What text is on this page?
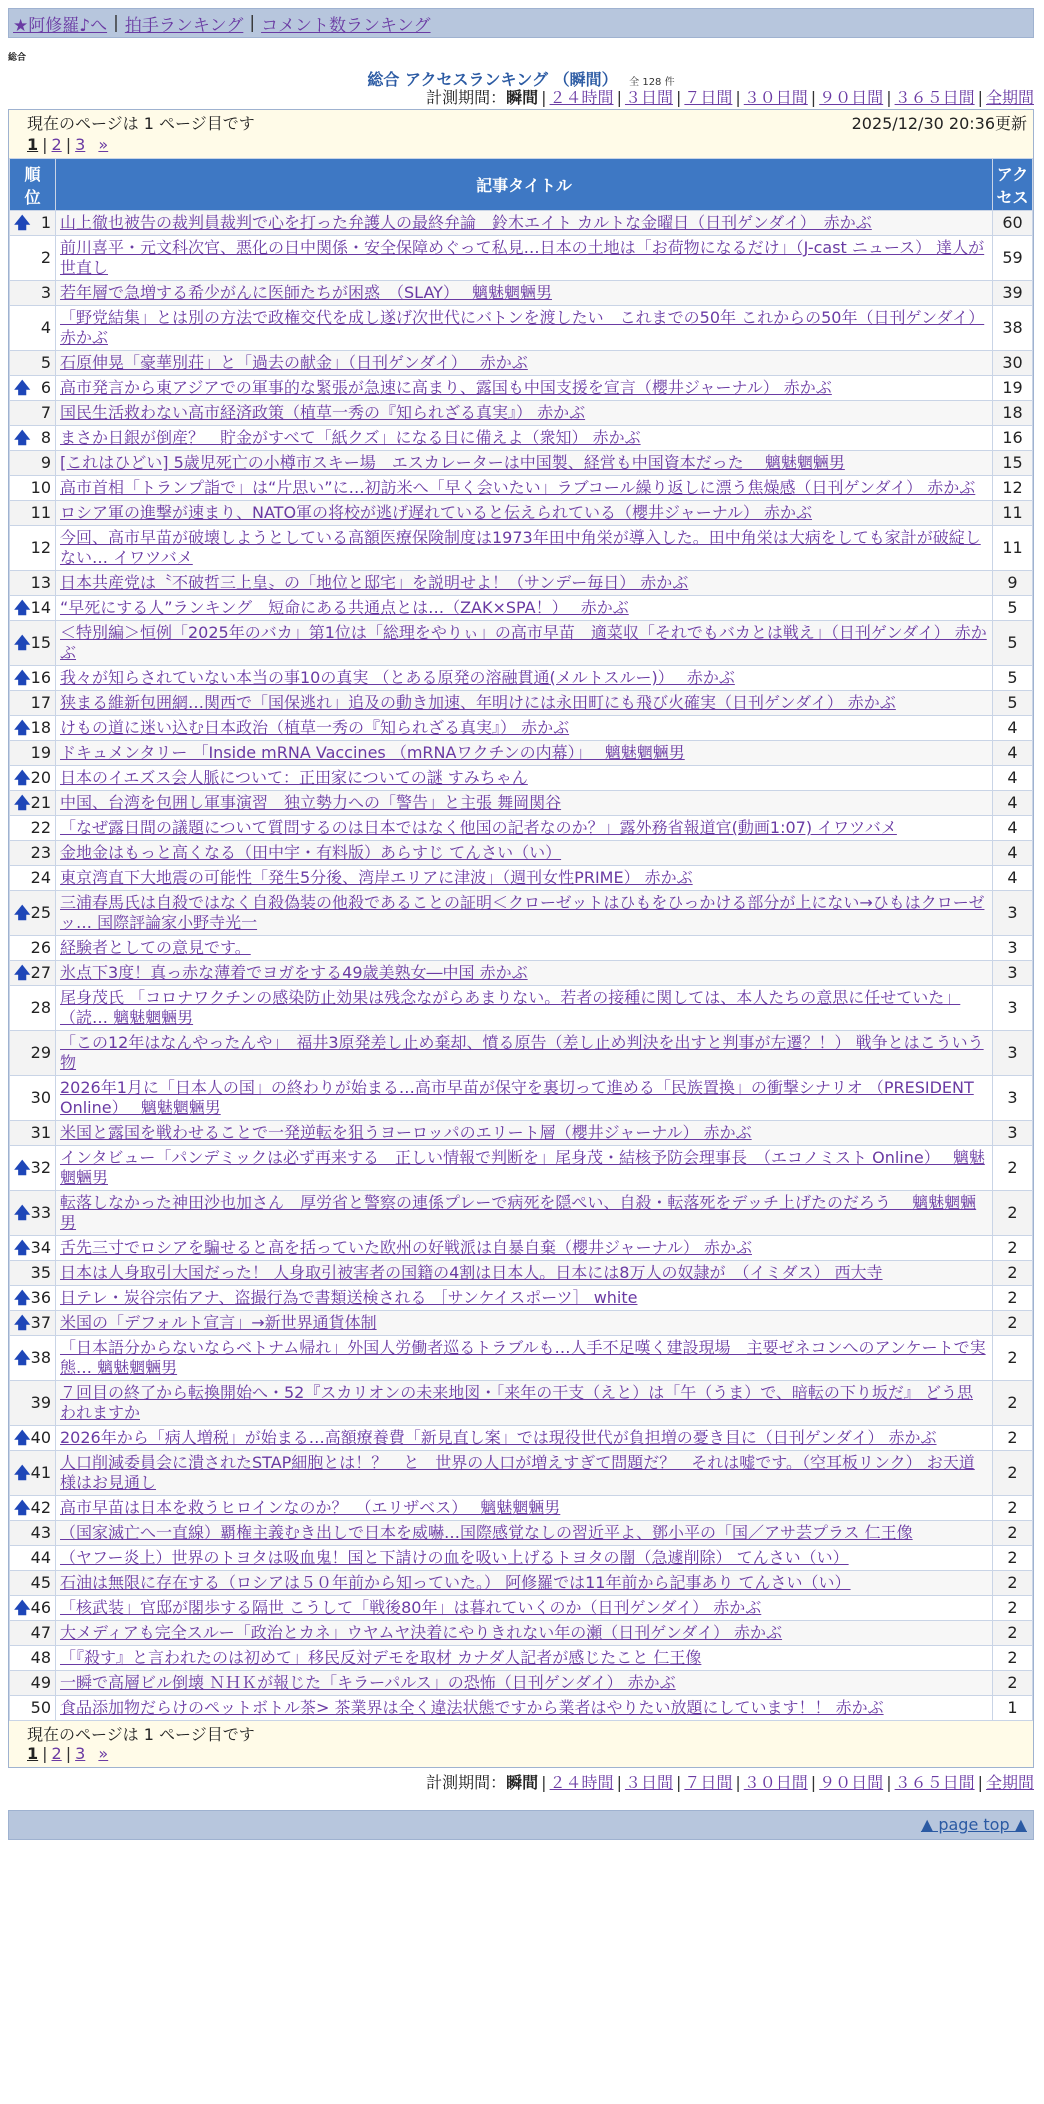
★阿修羅♪へ | 拍手ランキング | コメント数ランキング
総合
総合 アクセスランキング （瞬間） 全 128 件
計測期間：瞬間 | ２４時間 | ３日間 | ７日間 | ３０日間 | ９０日間 | ３６５日間 | 全期間
現在のページは 1 ページ目です	2025/12/30 20:36更新
1 | 2 | 3 »
順
位	記事タイトル	アク
セス

🡅 1	山上徹也被告の裁判員裁判で心を打った弁護人の最終弁論　鈴木エイト カルトな金曜日（日刊ゲンダイ）　赤かぶ	60
2	前川喜平・元文科次官、悪化の日中関係・安全保障めぐって私見…日本の土地は「お荷物になるだけ」（J-cast ニュース） 達人が世直し	59
3	若年層で急増する希少がんに医師たちが困惑　（SLAY）　 魑魅魍魎男	39
4	「野党結集」とは別の方法で政権交代を成し遂げ次世代にバトンを渡したい　これまでの50年 これからの50年（日刊ゲンダイ） 赤かぶ	38
5	石原伸晃「豪華別荘」と「過去の献金」（日刊ゲンダイ）　 赤かぶ	30

🡅 6	高市発言から東アジアでの軍事的な緊張が急速に高まり、露国も中国支援を宣言（櫻井ジャーナル） 赤かぶ	19
7	国民生活救わない高市経済政策（植草一秀の『知られざる真実』） 赤かぶ	18

🡅 8	まさか日銀が倒産？　貯金がすべて「紙クズ」になる日に備えよ（衆知） 赤かぶ	16
9	[これはひどい] 5歳児死亡の小樽市スキー場　エスカレーターは中国製、経営も中国資本だった　 魑魅魍魎男	15
10	高市首相「トランプ詣で」は“片思い”に…初訪米へ「早く会いたい」ラブコール繰り返しに漂う焦燥感（日刊ゲンダイ） 赤かぶ	12
11	ロシア軍の進撃が速まり、NATO軍の将校が逃げ遅れていると伝えられている（櫻井ジャーナル） 赤かぶ	11
12	今回、高市早苗が破壊しようとしている高額医療保険制度は1973年田中角栄が導入した。田中角栄は大病をしても家計が破綻しない… イワツバメ	11
13	日本共産党は〝不破哲三上皇〟の「地位と邸宅」を説明せよ！（サンデー毎日） 赤かぶ	9

🡅 14	“早死にする人”ランキング　短命にある共通点とは…（ZAK×SPA！）　 赤かぶ	5

🡅 15	＜特別編＞恒例「2025年のバカ」第1位は「総理をやりぃ」の高市早苗　適菜収「それでもバカとは戦え」（日刊ゲンダイ） 赤かぶ	5

🡅 16	我々が知らされていない本当の事10の真実 （とある原発の溶融貫通(メルトスルー)）　 赤かぶ	5
17	狭まる維新包囲網…関西で「国保逃れ」追及の動き加速、年明けには永田町にも飛び火確実（日刊ゲンダイ） 赤かぶ	5

🡅 18	けもの道に迷い込む日本政治（植草一秀の『知られざる真実』） 赤かぶ	4
19	ドキュメンタリー 「Inside mRNA Vaccines （mRNAワクチンの内幕）」　 魑魅魍魎男	4

🡅 20	日本のイエズス会人脈について：正田家についての謎 すみちゃん	4

🡅 21	中国、台湾を包囲し軍事演習　独立勢力への「警告」と主張 舞岡関谷	4
22	「なぜ露日間の議題について質問するのは日本ではなく他国の記者なのか？」露外務省報道官(動画1:07) イワツバメ	4
23	金地金はもっと高くなる（田中宇・有料版）あらすじ てんさい（い）	4
24	東京湾直下大地震の可能性「発生5分後、湾岸エリアに津波」（週刊女性PRIME） 赤かぶ	4

🡅 25	三浦春馬氏は自殺ではなく自殺偽装の他殺であることの証明＜クローゼットはひもをひっかける部分が上にない→ひもはクローゼッ… 国際評論家小野寺光一	3
26	経験者としての意見です。	3

🡅 27	氷点下3度！真っ赤な薄着でヨガをする49歳美熟女―中国 赤かぶ	3
28	尾身茂氏 「コロナワクチンの感染防止効果は残念ながらあまりない。若者の接種に関しては、本人たちの意思に任せていた」（読… 魑魅魍魎男	3
29	「この12年はなんやったんや」　福井3原発差し止め棄却、憤る原告（差し止め判決を出すと判事が左遷？！） 戦争とはこういう物	3
30	2026年1月に「日本人の国」の終わりが始まる…高市早苗が保守を裏切って進める「民族置換」の衝撃シナリオ （PRESIDENT Online）　 魑魅魍魎男	3
31	米国と露国を戦わせることで一発逆転を狙うヨーロッパのエリート層（櫻井ジャーナル） 赤かぶ	3

🡅 32	インタビュー「パンデミックは必ず再来する　正しい情報で判断を」尾身茂・結核予防会理事長　（エコノミスト Online）　 魑魅魍魎男	2

🡅 33	転落しなかった神田沙也加さん　厚労省と警察の連係プレーで病死を隠ぺい、自殺・転落死をデッチ上げたのだろう　 魑魅魍魎男	2

🡅 34	舌先三寸でロシアを騙せると高を括っていた欧州の好戦派は自暴自棄（櫻井ジャーナル） 赤かぶ	2
35	日本は人身取引大国だった！ 人身取引被害者の国籍の4割は日本人。日本には8万人の奴隷が　（イミダス） 西大寺	2

🡅 36	日テレ・炭谷宗佑アナ、盗撮行為で書類送検される ［サンケイスポーツ］ white	2

🡅 37	米国の「デフォルト宣言」→新世界通貨体制	2

🡅 38	「日本語分からないならベトナム帰れ」外国人労働者巡るトラブルも…人手不足嘆く建設現場　主要ゼネコンへのアンケートで実態… 魑魅魍魎男	2
39	７回目の終了から転換開始へ・52『スカリオンの未来地図・「来年の干支（えと）は「午（うま）で、暗転の下り坂だ』 どう思われますか	2

🡅 40	2026年から「病人増税」が始まる…高額療養費「新見直し案」では現役世代が負担増の憂き目に（日刊ゲンダイ） 赤かぶ	2

🡅 41	人口削減委員会に潰されたSTAP細胞とは！？　と　世界の人口が増えすぎて問題だ？　それは嘘です。（空耳板リンク） お天道様はお見通し	2

🡅 42	高市早苗は日本を救うヒロインなのか？　（エリザベス）　 魑魅魍魎男	2
43	（国家滅亡へ一直線）覇権主義むき出しで日本を威嚇…国際感覚なしの習近平よ、鄧小平の「国／アサ芸プラス 仁王像	2
44	（ヤフー炎上）世界のトヨタは吸血鬼！国と下請けの血を吸い上げるトヨタの闇（急遽削除） てんさい（い）	2
45	石油は無限に存在する（ロシアは５０年前から知っていた。） 阿修羅では11年前から記事あり てんさい（い）	2

🡅 46	「核武装」官邸が閣歩する隔世 こうして「戦後80年」は暮れていくのか（日刊ゲンダイ） 赤かぶ	2
47	大メディアも完全スルー「政治とカネ」ウヤムヤ決着にやりきれない年の瀬（日刊ゲンダイ） 赤かぶ	2
48	「『殺す』と言われたのは初めて」移民反対デモを取材 カナダ人記者が感じたこと 仁王像	2
49	一瞬で高層ビル倒壊 ＮＨＫが報じた「キラーパルス」の恐怖（日刊ゲンダイ） 赤かぶ	2
50	食品添加物だらけのペットボトル茶> 茶業界は全く違法状態ですから業者はやりたい放題にしています！！ 赤かぶ	1
現在のページは 1 ページ目です
1 | 2 | 3 »
計測期間：瞬間 | ２４時間 | ３日間 | ７日間 | ３０日間 | ９０日間 | ３６５日間 | 全期間
▲ page top ▲
